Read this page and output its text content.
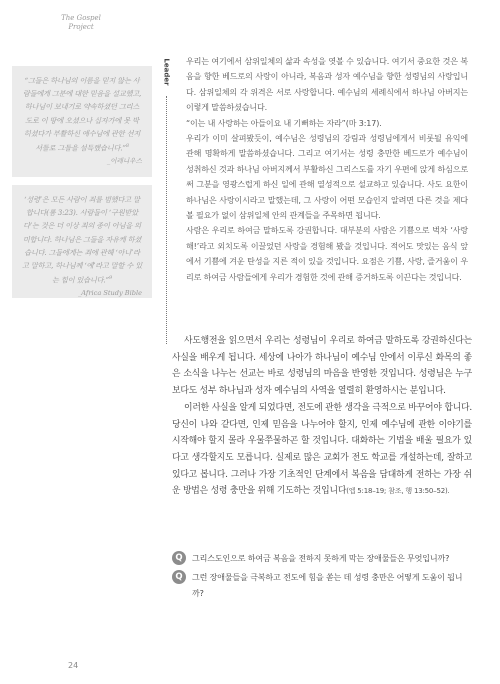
The Gospel Project
“그들은 하나님의 이름을 믿지 않는 사람들에게 그분에 대한 믿음을 설교했고, 하나님이 보내기로 약속하셨던 그리스도로 이 땅에 오셨으나 십자가에 못 박히셨다가 부활하신 예수님에 관한 선지서들로 그들을 설득했습니다.”$^8$
_이레니우스
‘성령’은 모든 사람이 죄를 범했다고 말합니다(롬 3:23). 사람들이 ‘구원받았다’는 것은 더 이상 죄의 종이 아님을 의미합니다. 하나님은 그들을 자유케 하셨습니다. 그들에게는 죄에 관해 ‘아니’라고 말하고, 하나님께 ‘예’라고 말할 수 있는 힘이 있습니다.”$^9$
_Africa Study Bible
Leader 우리는 여기에서 삼위일체의 삶과 속성을 엿볼 수 있습니다. 여기서 중요한 것은 복음을 향한 베드로의 사랑이 아니라, 복음과 성자 예수님을 향한 성령님의 사랑입니다. 삼위일체의 각 위격은 서로 사랑합니다. 예수님의 세례식에서 하나님 아버지는 이렇게 말씀하셨습니다.

“이는 내 사랑하는 아들이요 내 기뻐하는 자라”(마 3:17).

우리가 이미 살펴봤듯이, 예수님은 성령님의 강림과 성령님에게서 비롯될 유익에 관해 명확하게 말씀하셨습니다. 그리고 여기서는 성령 충만한 베드로가 예수님이 성취하신 것과 하나님 아버지께서 부활하신 그리스도를 자기 우편에 앉게 하심으로써 그분을 영광스럽게 하신 일에 관해 열성적으로 설교하고 있습니다. 사도 요한이 하나님은 사랑이시라고 말했는데, 그 사랑이 어떤 모습인지 알려면 다른 것을 제다볼 필요가 없이 삼위일체 안의 관계들을 주목하면 됩니다.

사람은 우리로 하여금 말하도록 강권합니다. 대부분의 사람은 기쁨으로 벅차 ‘사랑해!’라고 외치도록 이끌었던 사랑을 경험해 봤을 것입니다. 적어도 맛있는 음식 앞에서 기쁨에 겨운 탄성을 지른 적이 있을 것입니다. 요점은 기쁨, 사랑, 즐거움이 우리로 하여금 사람들에게 우리가 경험한 것에 관해 증거하도록 이끈다는 것입니다.

사도행전을 읽으면서 우리는 성령님이 우리로 하여금 말하도록 강권하신다는 사실을 배우게 됩니다. 세상에 나아가 하나님이 예수님 안에서 이루신 화목의 좋은 소식을 나누는 선교는 바로 성령님의 마음을 반영한 것입니다. 성령님은 누구보다도 성부 하나님과 성자 예수님의 사역을 열렬히 환영하시는 분입니다.

이러한 사실을 알게 되었다면, 전도에 관한 생각을 극적으로 바꾸어야 합니다. 당신이 나와 같다면, 인제 믿음을 나누어야 할지, 인제 예수님에 관한 이야기를 시작해야 할지 몰라 우물쭈물하곤 할 것입니다. 대화하는 기법을 배울 필요가 있다고 생각할지도 모릅니다. 실제로 많은 교회가 전도 학교를 개설하는데, 잘하고 있다고 봅니다. 그러나 가장 기초적인 단계에서 복음을 담대하게 전하는 가장 쉬운 방법은 성령 충만을 위해 기도하는 것입니다(엡 5:18–19; 참조, 행 13:50–52).

Q	그리스도인으로 하여금 복음을 전하지 못하게 막는 장애물들은 무엇입니까?
Q	그런 장애물들을 극복하고 전도에 힘을 쏟는 데 성령 충만은 어떻게 도움이 됩니까?
24
